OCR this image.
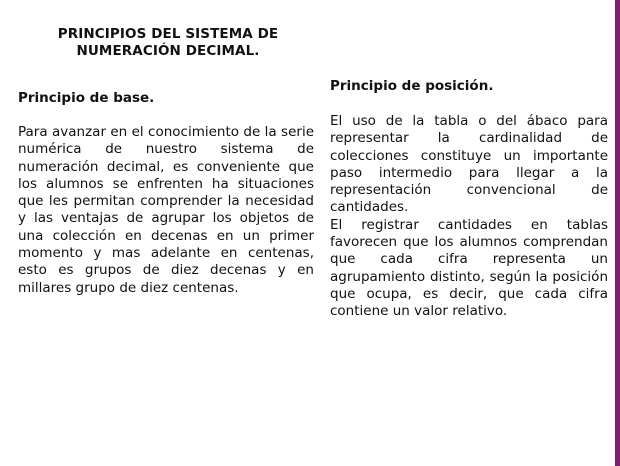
PRINCIPIOS DEL SISTEMA DE NUMERACIÓN DECIMAL.
Principio de base.

Para avanzar en el conocimiento de la serie numérica de nuestro sistema de numeración decimal, es conveniente que los alumnos se enfrenten ha situaciones que les permitan comprender la necesidad y las ventajas de agrupar los objetos de una colección en decenas en un primer momento y mas adelante en centenas, esto es grupos de diez decenas y en millares grupo de diez centenas.

Principio de posición.

El uso de la tabla o del ábaco para representar la cardinalidad de colecciones constituye un importante paso intermedio para llegar a la representación convencional de cantidades.

El registrar cantidades en tablas favorecen que los alumnos comprendan que cada cifra representa un agrupamiento distinto, según la posición que ocupa, es decir, que cada cifra contiene un valor relativo.
